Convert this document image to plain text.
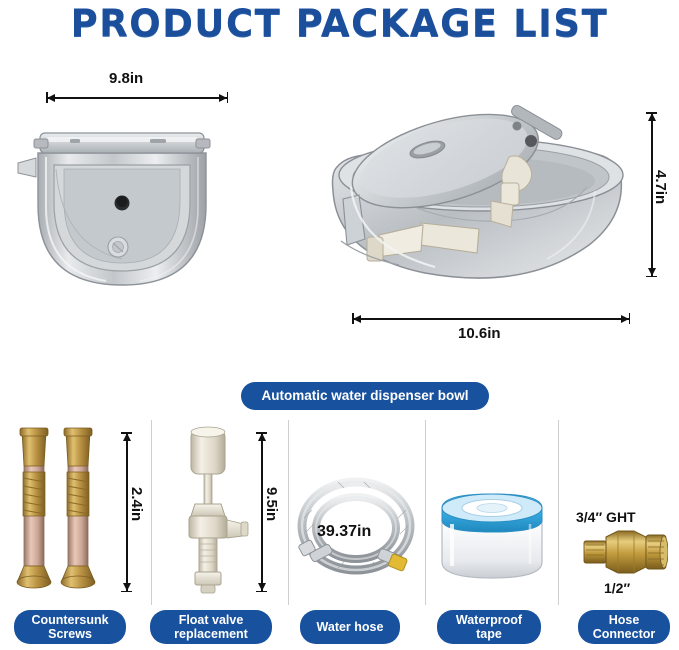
PRODUCT PACKAGE LIST
9.8in
4.7in
10.6in
Automatic water dispenser bowl
2.4in
Countersunk Screws
9.5in
Float valve replacement
39.37in
Water hose
Waterproof tape
3/4″ GHT
1/2″
Hose Connector
